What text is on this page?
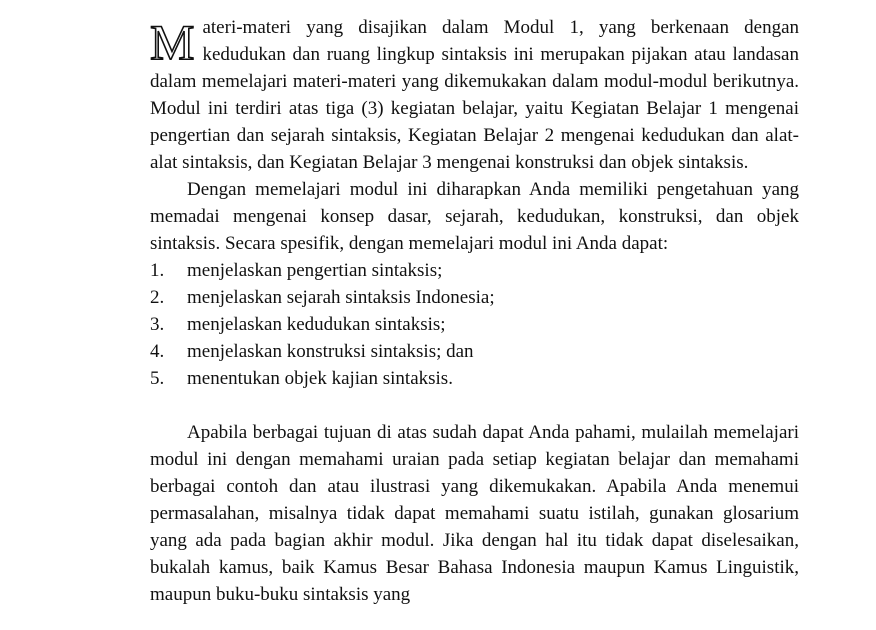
Materi-materi yang disajikan dalam Modul 1, yang berkenaan dengan kedudukan dan ruang lingkup sintaksis ini merupakan pijakan atau landasan dalam memelajari materi-materi yang dikemukakan dalam modul-modul berikutnya. Modul ini terdiri atas tiga (3) kegiatan belajar, yaitu Kegiatan Belajar 1 mengenai pengertian dan sejarah sintaksis, Kegiatan Belajar 2 mengenai kedudukan dan alat-alat sintaksis, dan Kegiatan Belajar 3 mengenai konstruksi dan objek sintaksis.

Dengan memelajari modul ini diharapkan Anda memiliki pengetahuan yang memadai mengenai konsep dasar, sejarah, kedudukan, konstruksi, dan objek sintaksis. Secara spesifik, dengan memelajari modul ini Anda dapat:

1.	menjelaskan pengertian sintaksis;
2.	menjelaskan sejarah sintaksis Indonesia;
3.	menjelaskan kedudukan sintaksis;
4.	menjelaskan konstruksi sintaksis; dan
5.	menentukan objek kajian sintaksis.

Apabila berbagai tujuan di atas sudah dapat Anda pahami, mulailah memelajari modul ini dengan memahami uraian pada setiap kegiatan belajar dan memahami berbagai contoh dan atau ilustrasi yang dikemukakan. Apabila Anda menemui permasalahan, misalnya tidak dapat memahami suatu istilah, gunakan glosarium yang ada pada bagian akhir modul. Jika dengan hal itu tidak dapat diselesaikan, bukalah kamus, baik Kamus Besar Bahasa Indonesia maupun Kamus Linguistik, maupun buku-buku sintaksis yang
